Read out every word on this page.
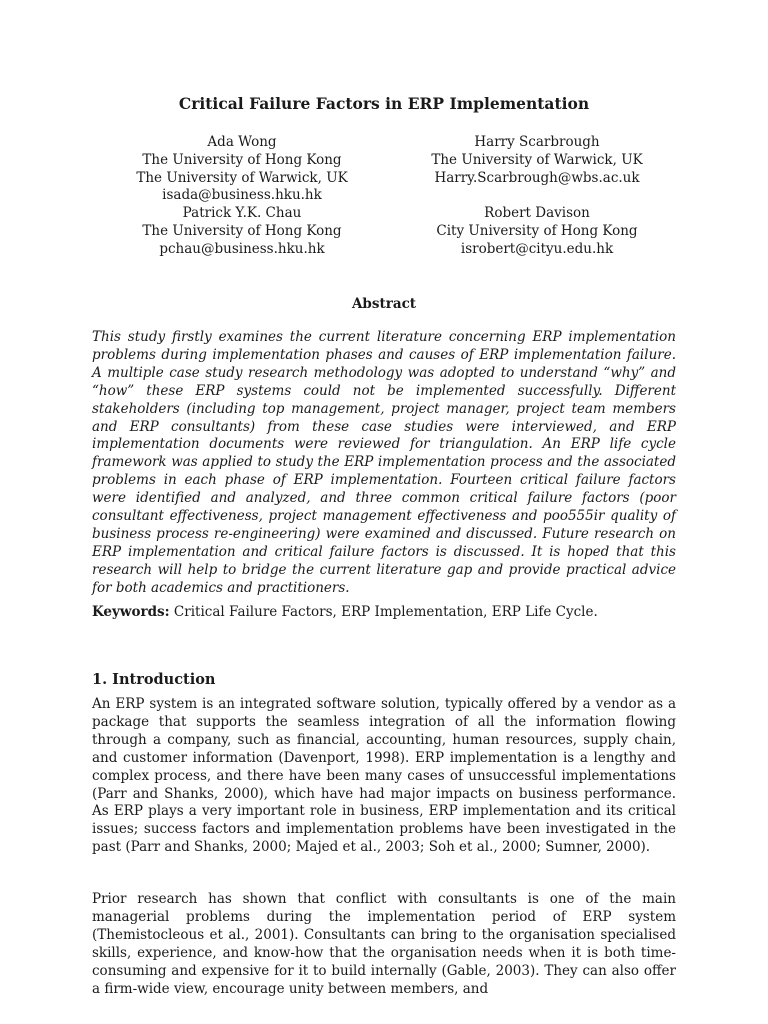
Critical Failure Factors in ERP Implementation
Ada Wong
The University of Hong Kong
The University of Warwick, UK
isada@business.hku.hk
Patrick Y.K. Chau
The University of Hong Kong
pchau@business.hku.hk
Harry Scarbrough
The University of Warwick, UK
Harry.Scarbrough@wbs.ac.uk
Robert Davison
City University of Hong Kong
isrobert@cityu.edu.hk
Abstract
This study firstly examines the current literature concerning ERP implementation problems during implementation phases and causes of ERP implementation failure. A multiple case study research methodology was adopted to understand “why” and “how” these ERP systems could not be implemented successfully. Different stakeholders (including top management, project manager, project team members and ERP consultants) from these case studies were interviewed, and ERP implementation documents were reviewed for triangulation. An ERP life cycle framework was applied to study the ERP implementation process and the associated problems in each phase of ERP implementation. Fourteen critical failure factors were identified and analyzed, and three common critical failure factors (poor consultant effectiveness, project management effectiveness and poo555ir quality of business process re-engineering) were examined and discussed. Future research on ERP implementation and critical failure factors is discussed. It is hoped that this research will help to bridge the current literature gap and provide practical advice for both academics and practitioners.
Keywords: Critical Failure Factors, ERP Implementation, ERP Life Cycle.
1. Introduction
An ERP system is an integrated software solution, typically offered by a vendor as a package that supports the seamless integration of all the information flowing through a company, such as financial, accounting, human resources, supply chain, and customer information (Davenport, 1998). ERP implementation is a lengthy and complex process, and there have been many cases of unsuccessful implementations (Parr and Shanks, 2000), which have had major impacts on business performance. As ERP plays a very important role in business, ERP implementation and its critical issues; success factors and implementation problems have been investigated in the past (Parr and Shanks, 2000; Majed et al., 2003; Soh et al., 2000; Sumner, 2000).
Prior research has shown that conflict with consultants is one of the main managerial problems during the implementation period of ERP system (Themistocleous et al., 2001). Consultants can bring to the organisation specialised skills, experience, and know-how that the organisation needs when it is both time-consuming and expensive for it to build internally (Gable, 2003). They can also offer a firm-wide view, encourage unity between members, and
